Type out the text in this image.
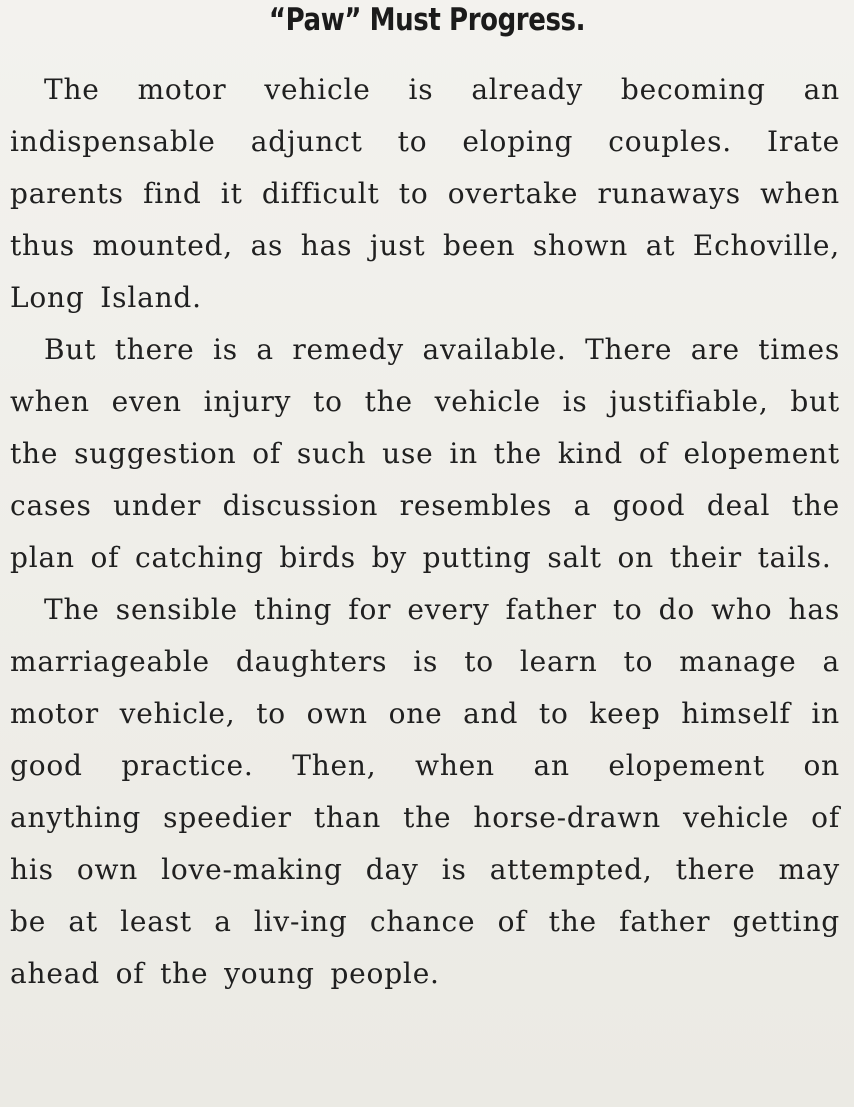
“Paw” Must Progress.

The motor vehicle is already becoming an indispensable adjunct to eloping couples. Irate parents find it difficult to overtake runaways when thus mounted, as has just been shown at Echoville, Long Island.

But there is a remedy available. There are times when even injury to the vehicle is justifiable, but the suggestion of such use in the kind of elopement cases under discussion resembles a good deal the plan of catching birds by putting salt on their tails.

The sensible thing for every father to do who has marriageable daughters is to learn to manage a motor vehicle, to own one and to keep himself in good practice. Then, when an elopement on anything speedier than the horse-drawn vehicle of his own love-making day is attempted, there may be at least a liv-ing chance of the father getting ahead of the young people.
